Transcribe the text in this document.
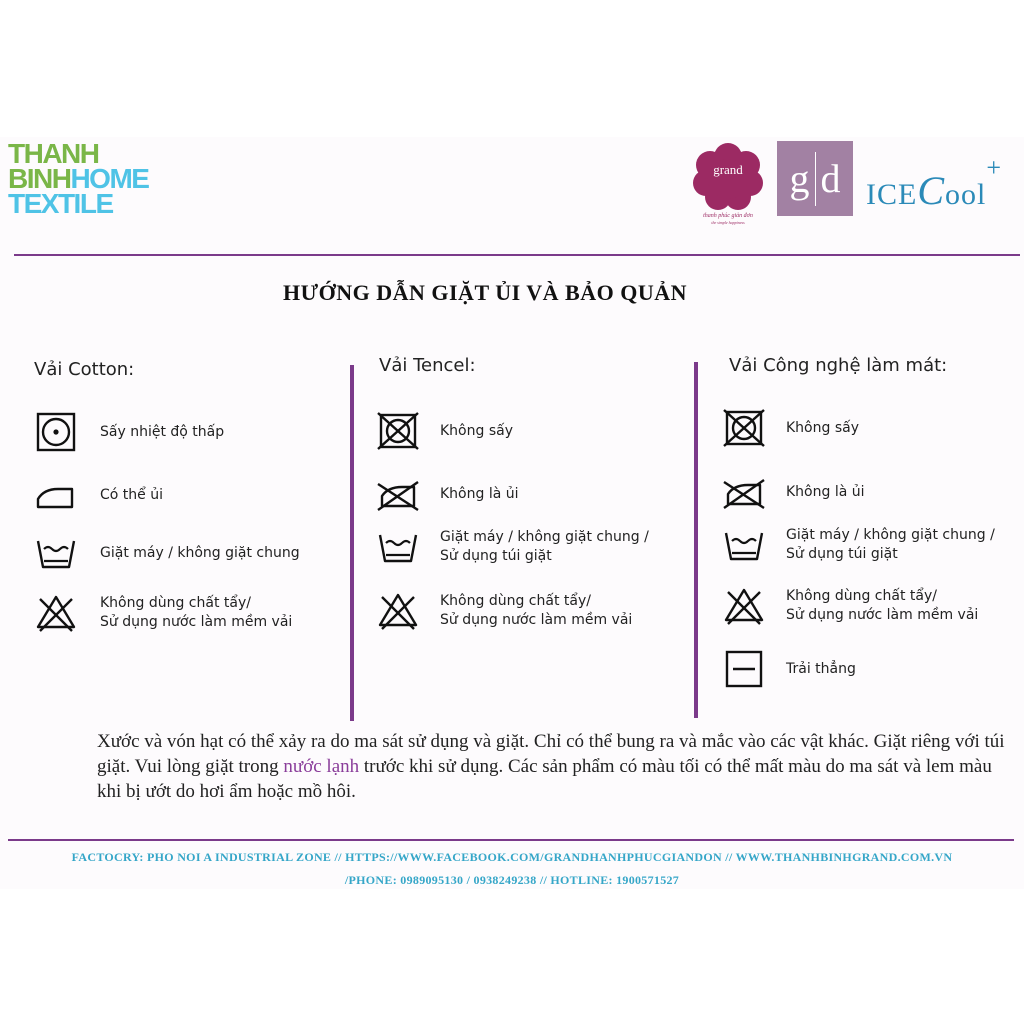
THANH
BINHHOME
TEXTILE
grand
thanh phúc giản đơn
the simple happiness
g d ICECool+
HƯỚNG DẪN GIẶT ỦI VÀ BẢO QUẢN
Vải Cotton:
Sấy nhiệt độ thấp
Có thể ủi
Giặt máy / không giặt chung
Không dùng chất tẩy/
Sử dụng nước làm mềm vải
Vải Tencel:
Không sấy
Không là ủi
Giặt máy / không giặt chung /
Sử dụng túi giặt
Không dùng chất tẩy/
Sử dụng nước làm mềm vải
Vải Công nghệ làm mát:
Không sấy
Không là ủi
Giặt máy / không giặt chung /
Sử dụng túi giặt
Không dùng chất tẩy/
Sử dụng nước làm mềm vải
Trải thẳng
Xước và vón hạt có thể xảy ra do ma sát sử dụng và giặt. Chỉ có thể bung ra và mắc vào các vật khác. Giặt riêng với túi giặt. Vui lòng giặt trong nước lạnh trước khi sử dụng. Các sản phẩm có màu tối có thể mất màu do ma sát và lem màu khi bị ướt do hơi ẩm hoặc mồ hôi.
FACTOCRY: PHO NOI A INDUSTRIAL ZONE // HTTPS://WWW.FACEBOOK.COM/GRANDHANHPHUCGIANDON // WWW.THANHBINHGRAND.COM.VN
/PHONE: 0989095130 / 0938249238 // HOTLINE: 1900571527
